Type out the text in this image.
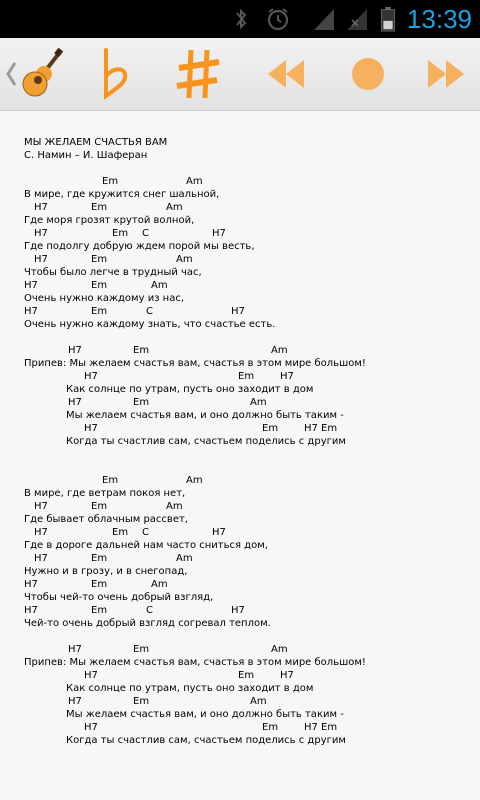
13:39
МЫ ЖЕЛАЕМ СЧАСТЬЯ ВАМ
С. Намин – И. Шаферан
Em	Am
В мире, где кружится снег шальной,
H7	Em	Am
Где моря грозят крутой волной,
H7	Em C	H7
Где подолгу добрую ждем порой мы весть,
H7	Em	Am
Чтобы было легче в трудный час,
H7	Em	Am
Очень нужно каждому из нас,
H7	Em	C	H7
Очень нужно каждому знать, что счастье есть.
H7	Em	Am
Припев: Мы желаем счастья вам, счастья в этом мире большом!
H7	Em	H7
Как солнце по утрам, пусть оно заходит в дом
H7	Em	Am
Мы желаем счастья вам, и оно должно быть таким -
H7	Em	H7 Em
Когда ты счастлив сам, счастьем поделись с другим
Em	Am
В мире, где ветрам покоя нет,
H7	Em	Am
Где бывает облачным рассвет,
H7	Em C	H7
Где в дороге дальней нам часто сниться дом,
H7	Em	Am
Нужно и в грозу, и в снегопад,
H7	Em	Am
Чтобы чей-то очень добрый взгляд,
H7	Em	C	H7
Чей-то очень добрый взгляд согревал теплом.
H7	Em	Am
Припев: Мы желаем счастья вам, счастья в этом мире большом!
H7	Em	H7
Как солнце по утрам, пусть оно заходит в дом
H7	Em	Am
Мы желаем счастья вам, и оно должно быть таким -
H7	Em	H7 Em
Когда ты счастлив сам, счастьем поделись с другим
